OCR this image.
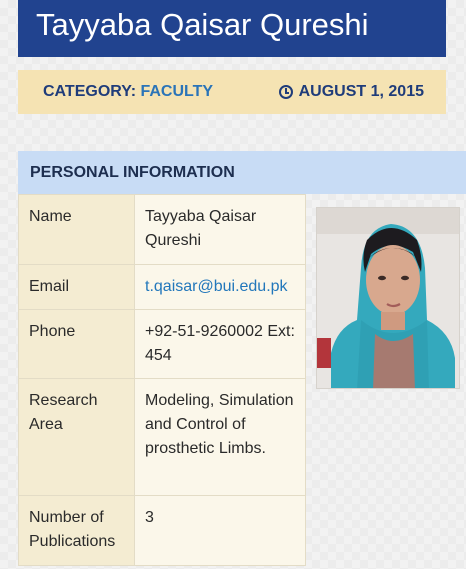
Tayyaba Qaisar Qureshi
CATEGORY: FACULTY	AUGUST 1, 2015
PERSONAL INFORMATION
Name	Tayyaba Qaisar Qureshi
Email	t.qaisar@bui.edu.pk
Phone	+92-51-9260002 Ext: 454
Research Area	Modeling, Simulation and Control of prosthetic Limbs.
Number of Publications	3
